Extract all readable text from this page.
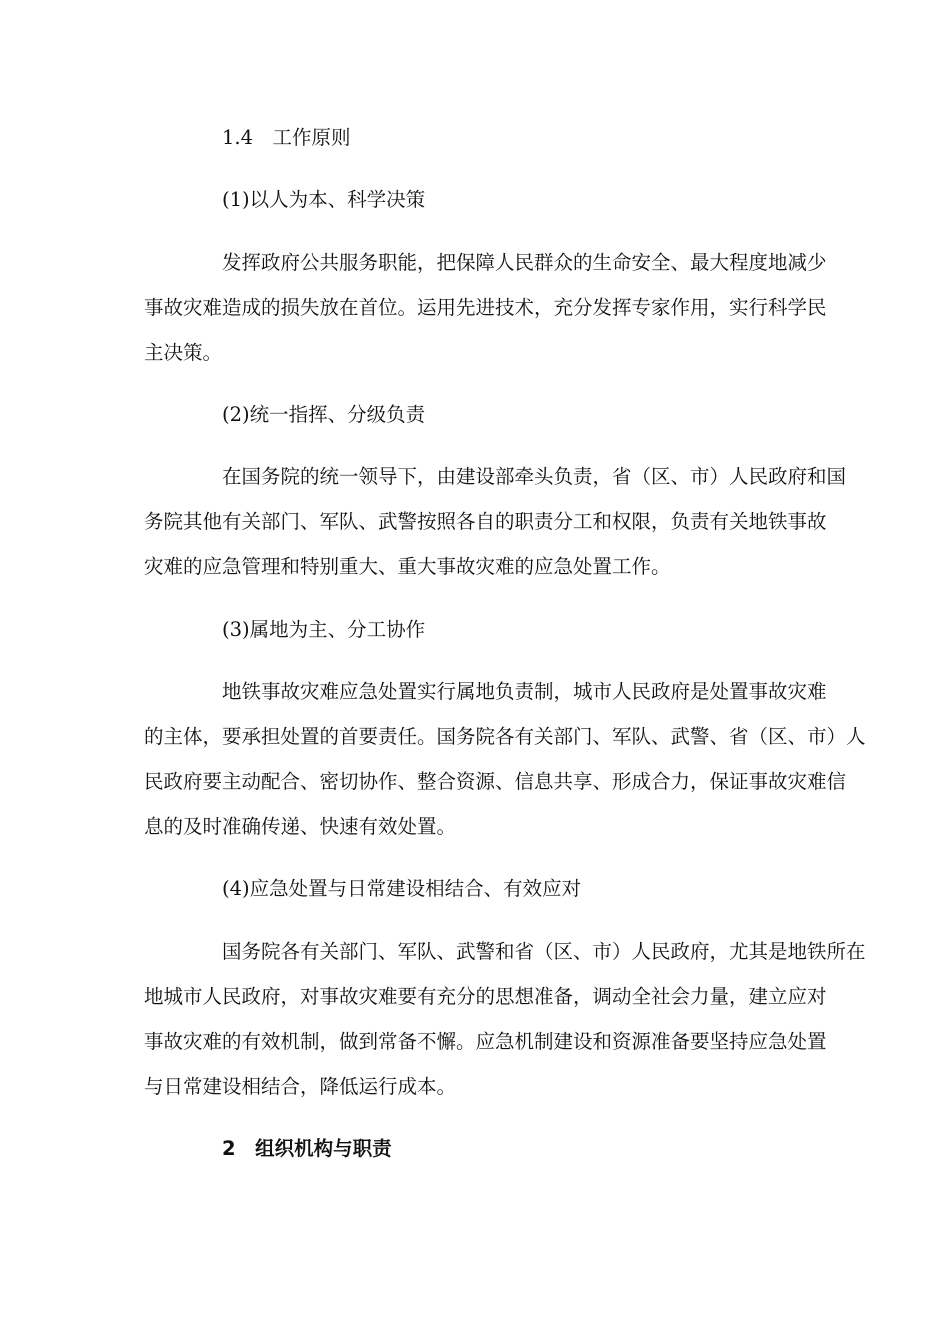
1.4　工作原则
(1)以人为本、科学决策
发挥政府公共服务职能，把保障人民群众的生命安全、最大程度地减少
事故灾难造成的损失放在首位。运用先进技术，充分发挥专家作用，实行科学民
主决策。
(2)统一指挥、分级负责
在国务院的统一领导下，由建设部牵头负责，省（区、市）人民政府和国
务院其他有关部门、军队、武警按照各自的职责分工和权限，负责有关地铁事故
灾难的应急管理和特别重大、重大事故灾难的应急处置工作。
(3)属地为主、分工协作
地铁事故灾难应急处置实行属地负责制，城市人民政府是处置事故灾难
的主体，要承担处置的首要责任。国务院各有关部门、军队、武警、省（区、市）人
民政府要主动配合、密切协作、整合资源、信息共享、形成合力，保证事故灾难信
息的及时准确传递、快速有效处置。
(4)应急处置与日常建设相结合、有效应对
国务院各有关部门、军队、武警和省（区、市）人民政府，尤其是地铁所在
地城市人民政府，对事故灾难要有充分的思想准备，调动全社会力量，建立应对
事故灾难的有效机制，做到常备不懈。应急机制建设和资源准备要坚持应急处置
与日常建设相结合，降低运行成本。
2　组织机构与职责
